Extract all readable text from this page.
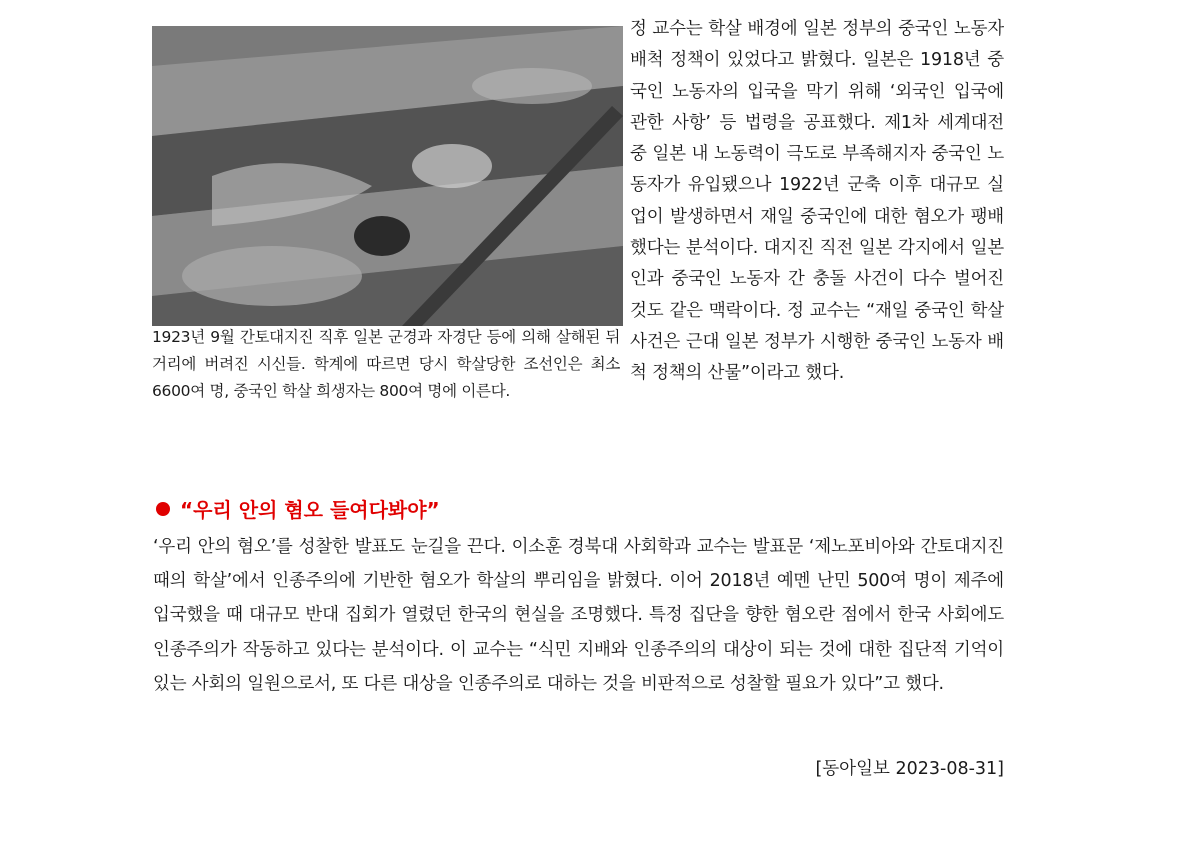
1923년 9월 간토대지진 직후 일본 군경과 자경단 등에 의해 살해된 뒤 거리에 버려진 시신들. 학계에 따르면 당시 학살당한 조선인은 최소 6600여 명, 중국인 학살 희생자는 800여 명에 이른다.

정 교수는 학살 배경에 일본 정부의 중국인 노동자 배척 정책이 있었다고 밝혔다. 일본은 1918년 중국인 노동자의 입국을 막기 위해 ‘외국인 입국에 관한 사항’ 등 법령을 공표했다. 제1차 세계대전 중 일본 내 노동력이 극도로 부족해지자 중국인 노동자가 유입됐으나 1922년 군축 이후 대규모 실업이 발생하면서 재일 중국인에 대한 혐오가 팽배했다는 분석이다. 대지진 직전 일본 각지에서 일본인과 중국인 노동자 간 충돌 사건이 다수 벌어진 것도 같은 맥락이다. 정 교수는 “재일 중국인 학살 사건은 근대 일본 정부가 시행한 중국인 노동자 배척 정책의 산물”이라고 했다.

“우리 안의 혐오 들여다봐야”

‘우리 안의 혐오’를 성찰한 발표도 눈길을 끈다. 이소훈 경북대 사회학과 교수는 발표문 ‘제노포비아와 간토대지진 때의 학살’에서 인종주의에 기반한 혐오가 학살의 뿌리임을 밝혔다. 이어 2018년 예멘 난민 500여 명이 제주에 입국했을 때 대규모 반대 집회가 열렸던 한국의 현실을 조명했다. 특정 집단을 향한 혐오란 점에서 한국 사회에도 인종주의가 작동하고 있다는 분석이다. 이 교수는 “식민 지배와 인종주의의 대상이 되는 것에 대한 집단적 기억이 있는 사회의 일원으로서, 또 다른 대상을 인종주의로 대하는 것을 비판적으로 성찰할 필요가 있다”고 했다.

[동아일보 2023-08-31]
